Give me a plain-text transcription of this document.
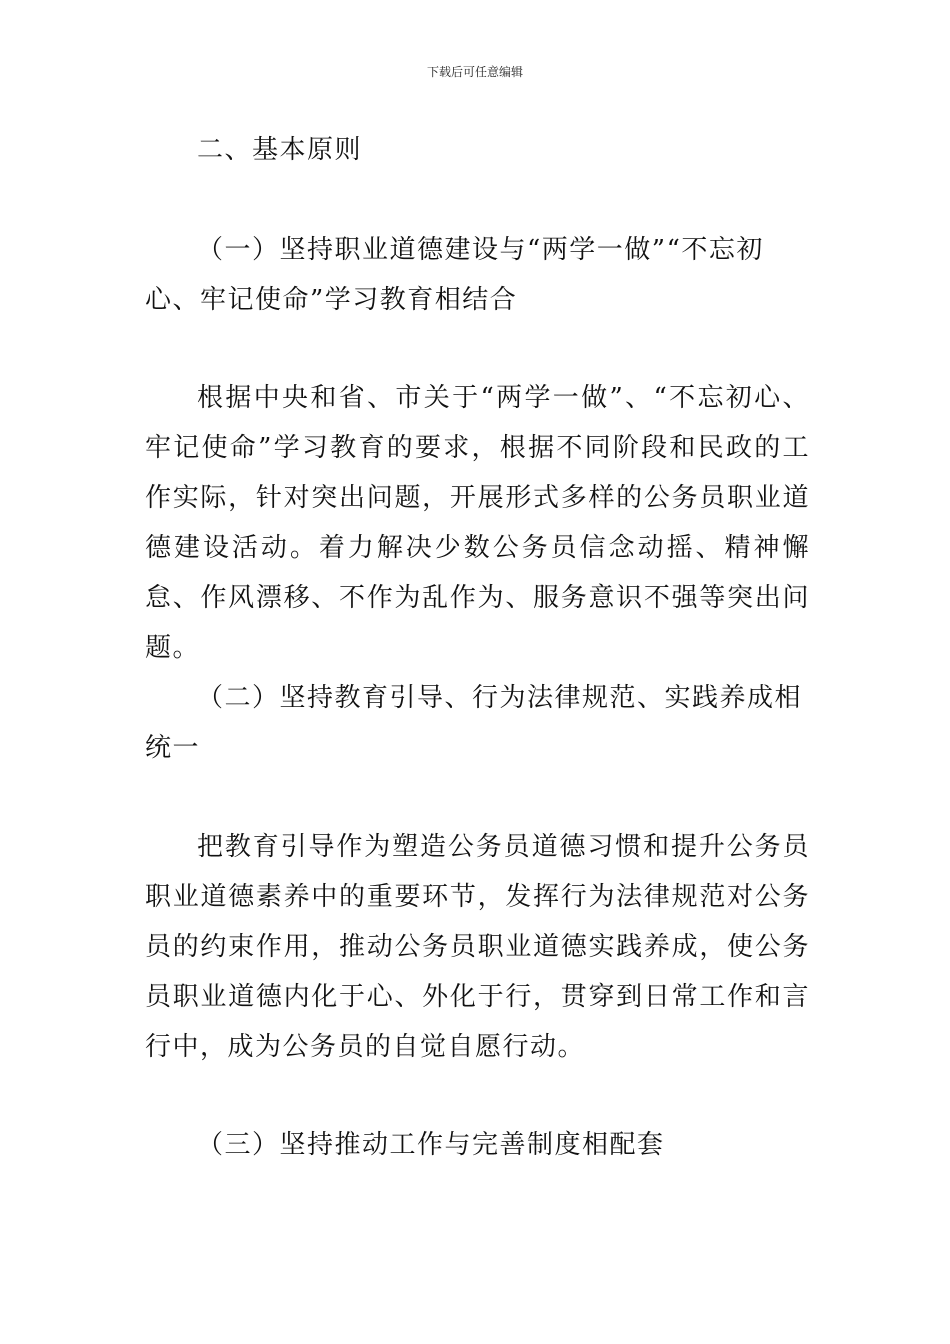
下载后可任意编辑

二、基本原则

（一）坚持职业道德建设与“两学一做”“不忘初心、牢记使命”学习教育相结合

根据中央和省、市关于“两学一做”、“不忘初心、牢记使命”学习教育的要求，根据不同阶段和民政的工作实际，针对突出问题，开展形式多样的公务员职业道德建设活动。着力解决少数公务员信念动摇、精神懈怠、作风漂移、不作为乱作为、服务意识不强等突出问题。

（二）坚持教育引导、行为法律规范、实践养成相统一

把教育引导作为塑造公务员道德习惯和提升公务员职业道德素养中的重要环节，发挥行为法律规范对公务员的约束作用，推动公务员职业道德实践养成，使公务员职业道德内化于心、外化于行，贯穿到日常工作和言行中，成为公务员的自觉自愿行动。

（三）坚持推动工作与完善制度相配套
